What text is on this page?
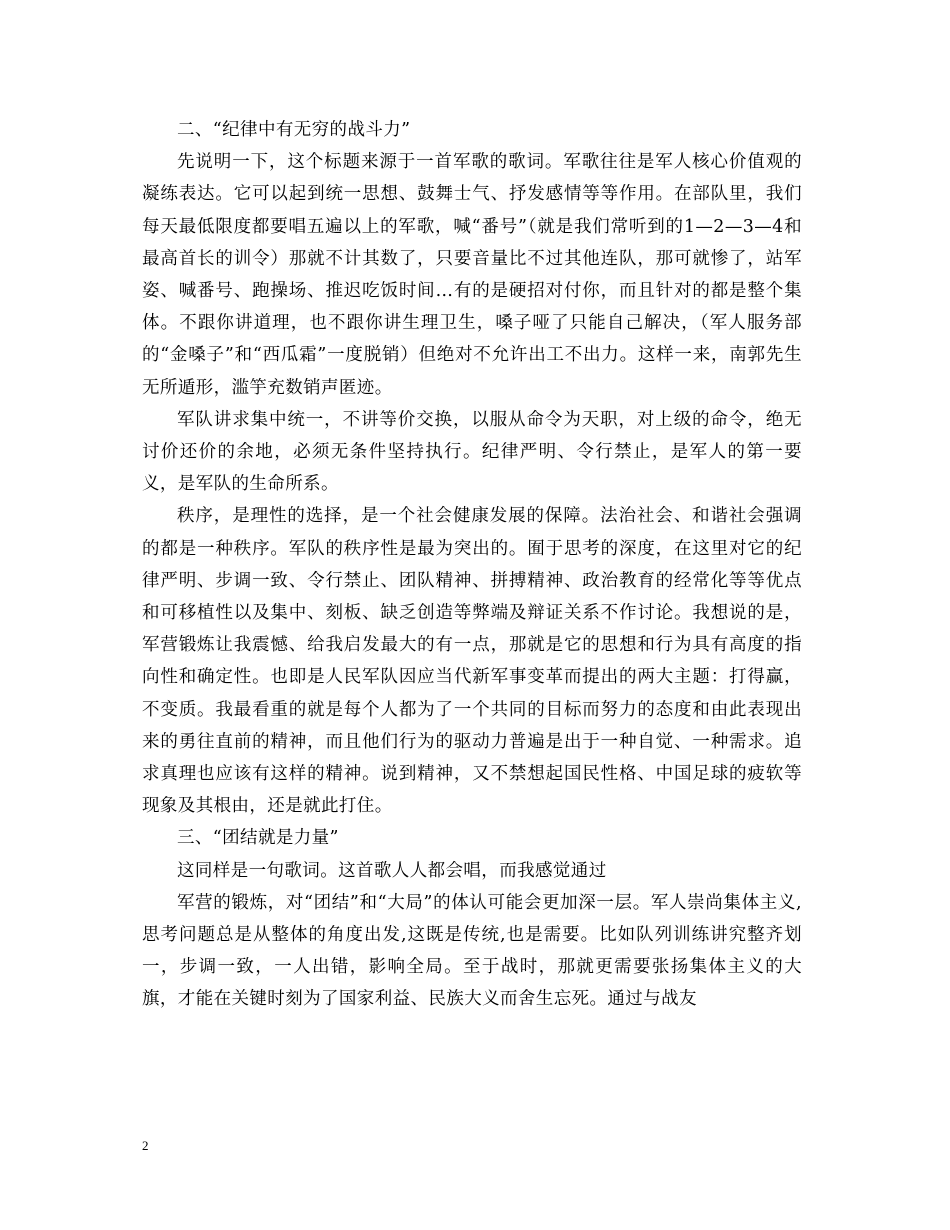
二、“纪律中有无穷的战斗力”

先说明一下，这个标题来源于一首军歌的歌词。军歌往往是军人核心价值观的凝练表达。它可以起到统一思想、鼓舞士气、抒发感情等等作用。在部队里，我们每天最低限度都要唱五遍以上的军歌，喊“番号”（就是我们常听到的1—2—3—4和最高首长的训令）那就不计其数了，只要音量比不过其他连队，那可就惨了，站军姿、喊番号、跑操场、推迟吃饭时间…有的是硬招对付你，而且针对的都是整个集体。不跟你讲道理，也不跟你讲生理卫生，嗓子哑了只能自己解决，（军人服务部的“金嗓子”和“西瓜霜”一度脱销）但绝对不允许出工不出力。这样一来，南郭先生无所遁形，滥竽充数销声匿迹。

军队讲求集中统一，不讲等价交换，以服从命令为天职，对上级的命令，绝无讨价还价的余地，必须无条件坚持执行。纪律严明、令行禁止，是军人的第一要义，是军队的生命所系。

秩序，是理性的选择，是一个社会健康发展的保障。法治社会、和谐社会强调的都是一种秩序。军队的秩序性是最为突出的。囿于思考的深度，在这里对它的纪律严明、步调一致、令行禁止、团队精神、拼搏精神、政治教育的经常化等等优点和可移植性以及集中、刻板、缺乏创造等弊端及辩证关系不作讨论。我想说的是，军营锻炼让我震憾、给我启发最大的有一点，那就是它的思想和行为具有高度的指向性和确定性。也即是人民军队因应当代新军事变革而提出的两大主题：打得赢，不变质。我最看重的就是每个人都为了一个共同的目标而努力的态度和由此表现出来的勇往直前的精神，而且他们行为的驱动力普遍是出于一种自觉、一种需求。追求真理也应该有这样的精神。说到精神，又不禁想起国民性格、中国足球的疲软等现象及其根由，还是就此打住。

三、“团结就是力量”

这同样是一句歌词。这首歌人人都会唱，而我感觉通过

军营的锻炼，对“团结”和“大局”的体认可能会更加深一层。军人崇尚集体主义,思考问题总是从整体的角度出发,这既是传统,也是需要。比如队列训练讲究整齐划一，步调一致，一人出错，影响全局。至于战时，那就更需要张扬集体主义的大旗，才能在关键时刻为了国家利益、民族大义而舍生忘死。通过与战友

2
